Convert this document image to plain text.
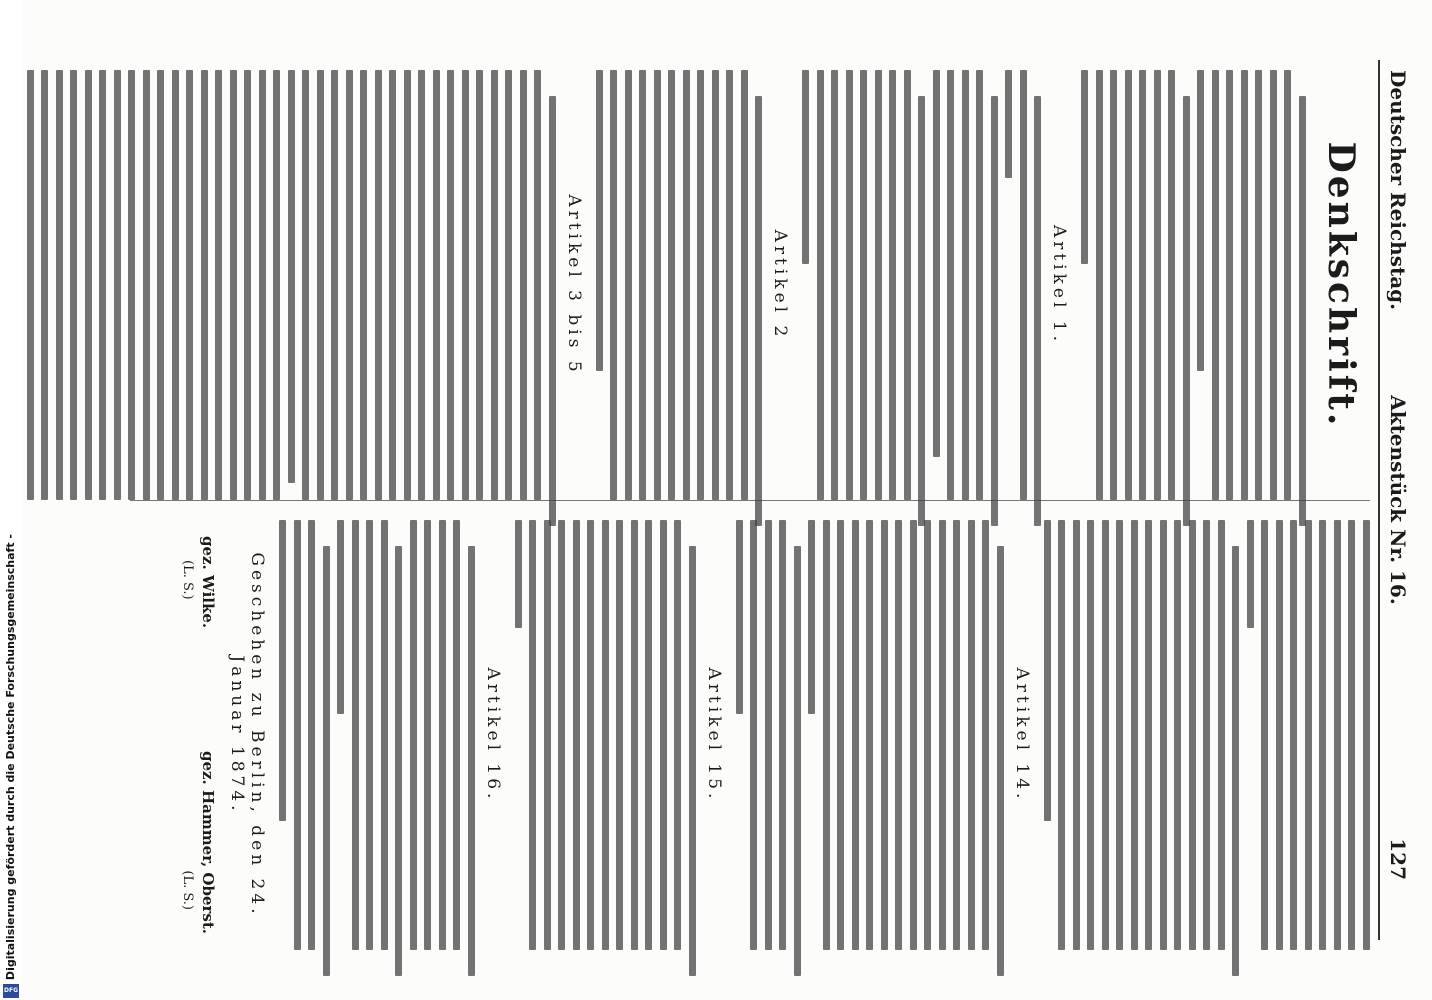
Deutscher Reichstag.
Aktenstück Nr. 16.
127
Denkschrift.
Artikel 1.
Artikel 2
Artikel 3 bis 5
Artikel 14.
Artikel 15.
Artikel 16.
Geschehen zu Berlin, den 24. Januar 1874.
gez. Wilke.
gez. Hammer, Oberst.
(L. S.)
(L. S.)
Digitalisierung gefördert durch die Deutsche Forschungsgemeinschaft -
DFG
